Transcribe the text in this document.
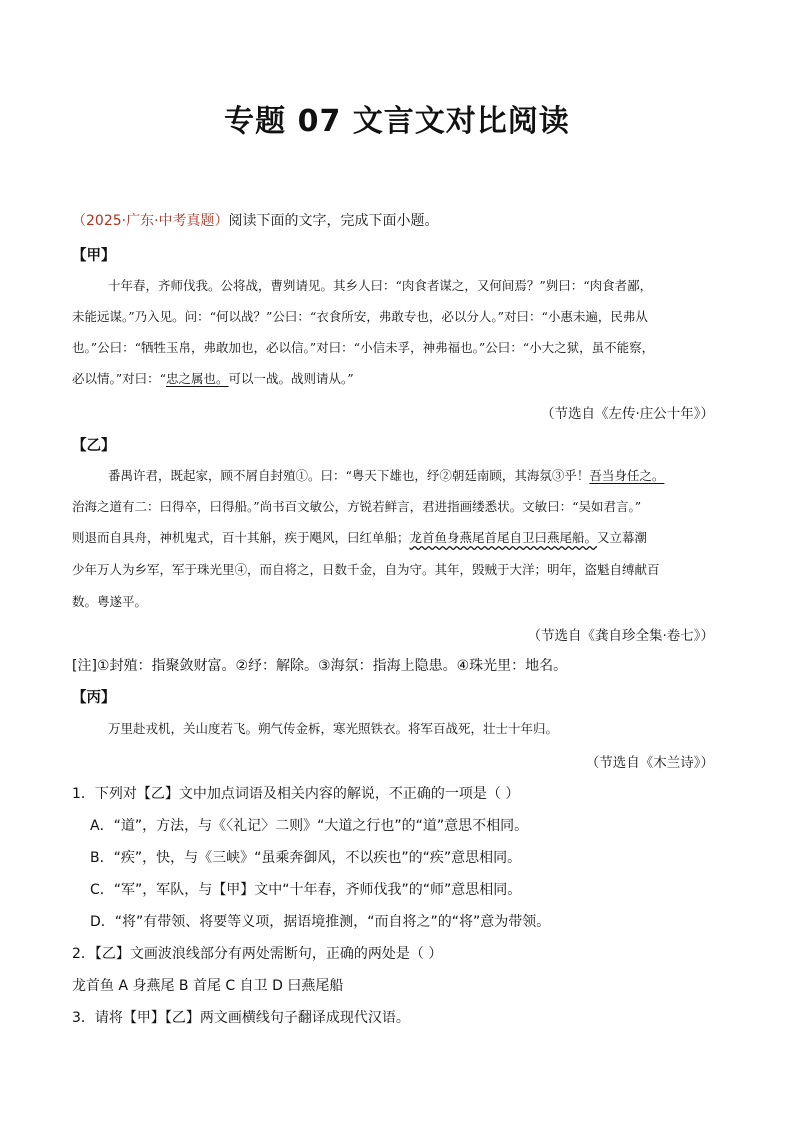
专题 07 文言文对比阅读
（2025·广东·中考真题）阅读下面的文字，完成下面小题。
【甲】
十年春，齐师伐我。公将战，曹刿请见。其乡人曰：“肉食者谋之，又何间焉？”刿曰：“肉食者鄙，
未能远谋。”乃入见。问：“何以战？”公曰：“衣食所安，弗敢专也，必以分人。”对曰：“小惠未遍，民弗从
也。”公曰：“牺牲玉帛，弗敢加也，必以信。”对曰：“小信未孚，神弗福也。”公曰：“小大之狱，虽不能察，
必以情。”对曰：“忠之属也。可以一战。战则请从。”
（节选自《左传·庄公十年》）
【乙】
番禺许君，既起家，顾不屑自封殖①。曰：“粤天下雄也，纾②朝廷南顾，其海氛③乎！吾当身任之。
治海之道有二：曰得卒，曰得船。”尚书百文敏公，方锐若鲜言，君进指画缕悉状。文敏曰：“吴如君言。”
则退而自具舟，神机鬼式，百十其斛，疾于飓风，曰红单船；龙首鱼身燕尾首尾自卫曰燕尾船。又立幕潮
少年万人为乡军，军于珠光里④，而自将之，日数千金，自为守。其年，毁贼于大洋；明年，盗魁自缚献百
数。粤遂平。
（节选自《龚自珍全集·卷七》）
[注]①封殖：指聚敛财富。②纾：解除。③海氛：指海上隐患。④珠光里：地名。
【丙】
万里赴戎机，关山度若飞。朔气传金柝，寒光照铁衣。将军百战死，壮士十年归。
（节选自《木兰诗》）
1．下列对【乙】文中加点词语及相关内容的解说，不正确的一项是（ ）
A．“道”，方法，与《〈礼记〉二则》“大道之行也”的“道”意思不相同。
B．“疾”，快，与《三峡》“虽乘奔御风，不以疾也”的“疾”意思相同。
C．“军”，军队，与【甲】文中“十年春，齐师伐我”的“师”意思相同。
D．“将”有带领、将要等义项，据语境推测，“而自将之”的“将”意为带领。
2．【乙】文画波浪线部分有两处需断句，正确的两处是（ ）
龙首鱼 A 身燕尾 B 首尾 C 自卫 D 曰燕尾船
3．请将【甲】【乙】两文画横线句子翻译成现代汉语。
